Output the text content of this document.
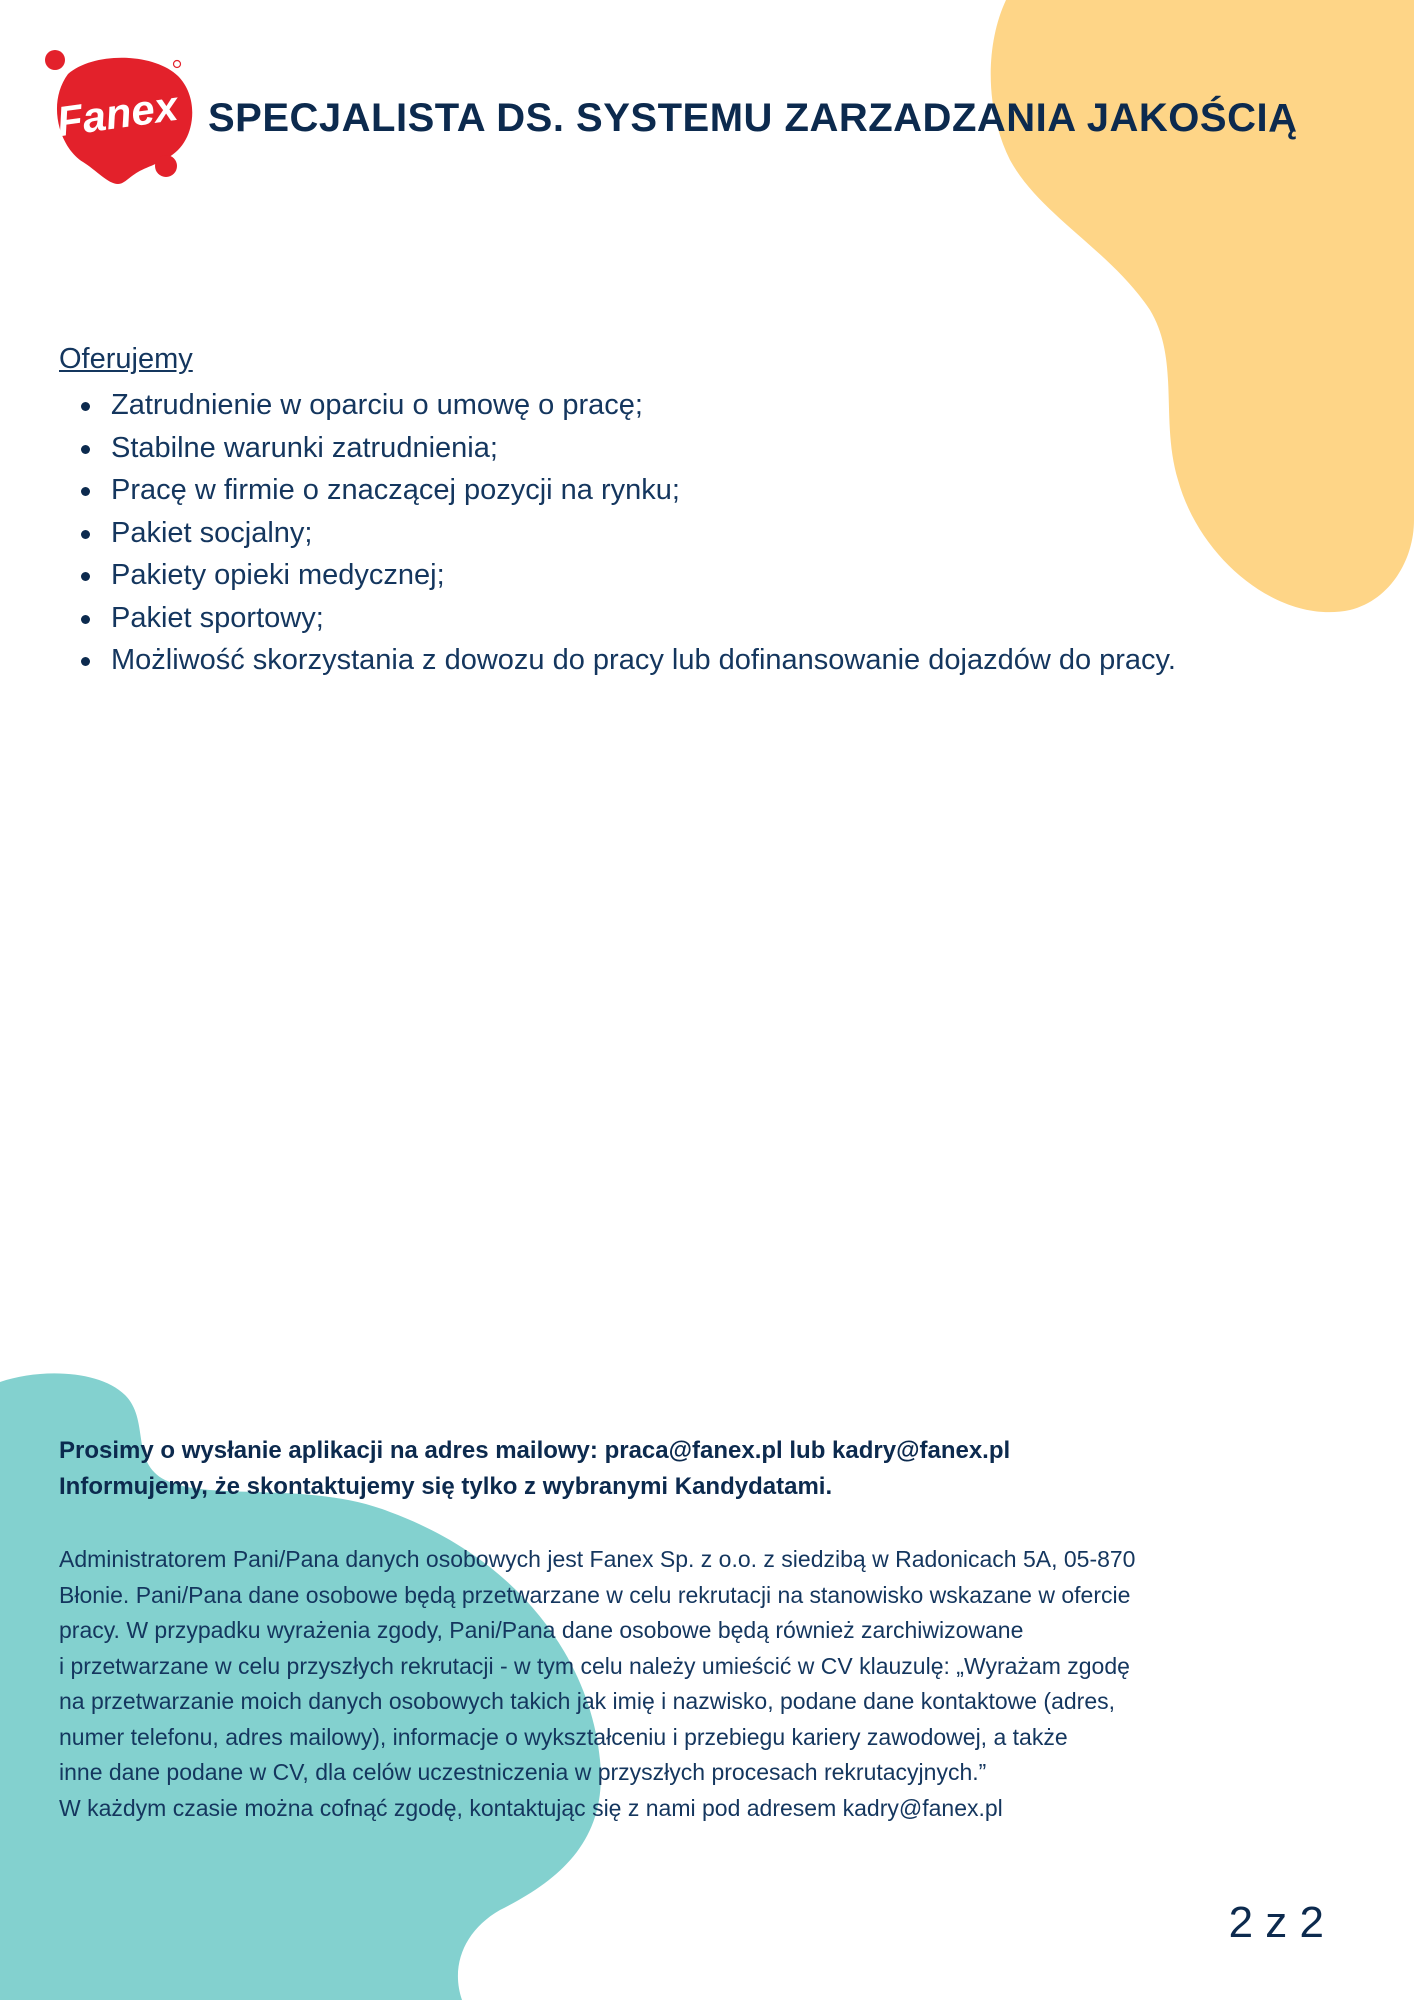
Fanex SPECJALISTA DS. SYSTEMU ZARZADZANIA JAKOŚCIĄ

Oferujemy

Zatrudnienie w oparciu o umowę o pracę;
Stabilne warunki zatrudnienia;
Pracę w firmie o znaczącej pozycji na rynku;
Pakiet socjalny;
Pakiety opieki medycznej;
Pakiet sportowy;
Możliwość skorzystania z dowozu do pracy lub dofinansowanie dojazdów do pracy.

Prosimy o wysłanie aplikacji na adres mailowy: praca@fanex.pl lub kadry@fanex.pl

Informujemy, że skontaktujemy się tylko z wybranymi Kandydatami.

Administratorem Pani/Pana danych osobowych jest Fanex Sp. z o.o. z siedzibą w Radonicach 5A, 05-870
Błonie. Pani/Pana dane osobowe będą przetwarzane w celu rekrutacji na stanowisko wskazane w ofercie
pracy. W przypadku wyrażenia zgody, Pani/Pana dane osobowe będą również zarchiwizowane
i przetwarzane w celu przyszłych rekrutacji - w tym celu należy umieścić w CV klauzulę: „Wyrażam zgodę
na przetwarzanie moich danych osobowych takich jak imię i nazwisko, podane dane kontaktowe (adres,
numer telefonu, adres mailowy), informacje o wykształceniu i przebiegu kariery zawodowej, a także
inne dane podane w CV, dla celów uczestniczenia w przyszłych procesach rekrutacyjnych.”
W każdym czasie można cofnąć zgodę, kontaktując się z nami pod adresem kadry@fanex.pl

2 z 2
